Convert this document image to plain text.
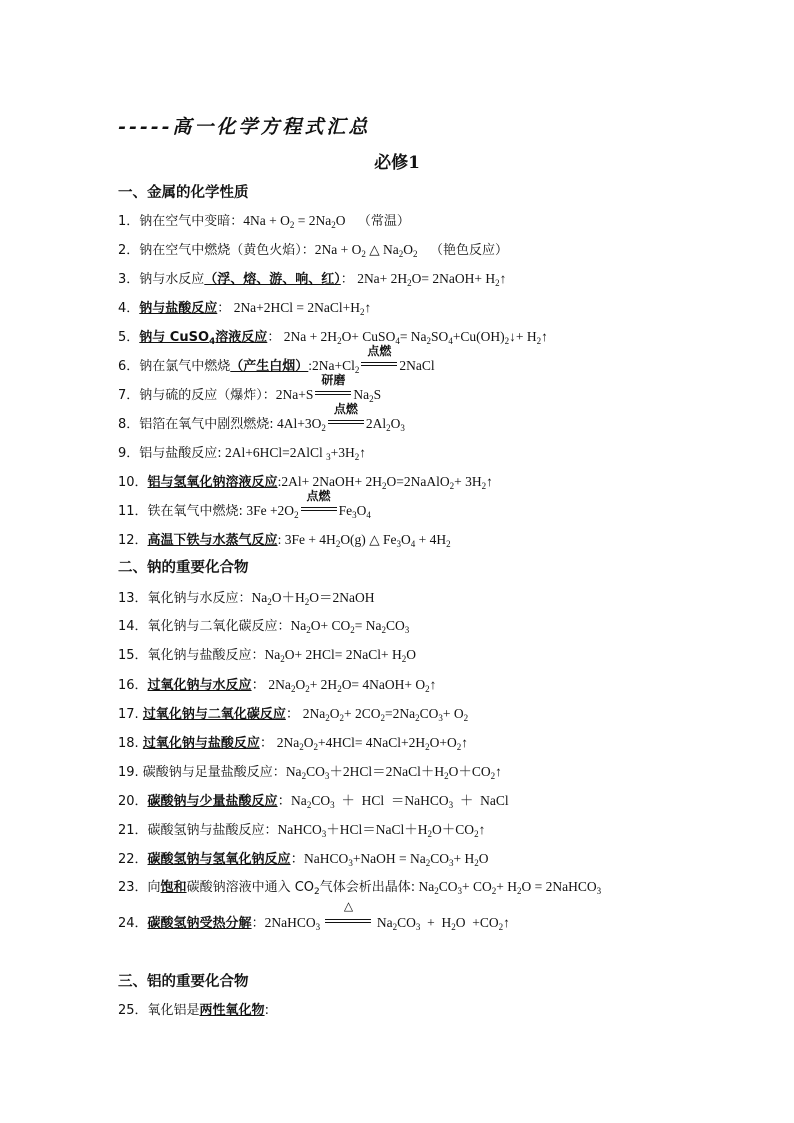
-----高一化学方程式汇总
必修1
一、金属的化学性质
1．钠在空气中变暗：$4Na + O_2 = 2Na_2O$ （常温）
2．钠在空气中燃烧（黄色火焰）：$2Na + O_2$ △ $Na_2O_2$ （艳色反应）
3．钠与水反应（浮、熔、游、响、红）： $2Na+ 2H_2O=$ 2NaOH+ $H_2↑$
4．钠与盐酸反应： $2Na+2HCl = 2NaCl+H_2↑$
5．钠与 CuSO$_4$溶液反应： $2Na + 2H_2O+$ CuSO$_4$= $Na_2SO_4+Cu(OH)_2↓+$ $H_2↑$
6．钠在氯气中燃烧（产生白烟）$:2Na+Cl_2$
点燃
2NaCl
7．钠与硫的反应（爆炸）：2Na+S
研磨
$Na_2S$
8．铝箔在氧气中剧烈燃烧: $4Al+3O_2$
点燃
$2Al_2O_3$
9．铝与盐酸反应: 2Al+6HCl=2AlCl $_3+3H_2↑$
10．铝与氢氧化钠溶液反应:2Al+ 2NaOH+ $2H_2O=2NaAlO_2+$ $3H_2↑$
11．铁在氧气中燃烧: $3Fe +2O_2$
点燃
$Fe_3O_4$
12．高温下铁与水蒸气反应: $3Fe + 4H_2O(g)$ △ $Fe_3O_4 + 4H_2$
二、钠的重要化合物
13．氧化钠与水反应：$Na_2O+H_2O=2NaOH$
14．氧化钠与二氧化碳反应：$Na_2O+ CO_2= Na_2CO_3$
15．氧化钠与盐酸反应：$Na_2O+ 2HCl=$ 2NaCl+ $H_2O$
16．过氧化钠与水反应： $2Na_2O_2+ 2H_2O=$ 4NaOH+ $O_2↑$
17. 过氧化钠与二氧化碳反应： $2Na_2O_2+ 2CO_2=2Na_2CO_3+ O_2$
18. 过氧化钠与盐酸反应： $2Na_2O_2+4HCl=$ $4NaCl+2H_2O+O_2↑$
19. 碳酸钠与足量盐酸反应：$Na_2CO_3+2HCl=2NaCl+H_2O+CO_2↑$
20．碳酸钠与少量盐酸反应：$Na_2CO_3$  ＋  HCl  ＝NaHCO$_3$  ＋  NaCl
21．碳酸氢钠与盐酸反应：$NaHCO_3+HCl=NaCl+H_2O+CO_2↑$
22．碳酸氢钠与氢氧化钠反应：NaHCO$_3$+NaOH = $Na_2CO_3+ H_2O$
23．向饱和碳酸钠溶液中通入 $CO_2$气体会析出晶体: $Na_2CO_3+ CO_2+ H_2O$ = 2NaHCO$_3$
24．碳酸氢钠受热分解：2NaHCO$_3$
△
$Na_2CO_3 + H_2O$  $+CO_2↑$
三、铝的重要化合物
25．氧化铝是两性氧化物:
